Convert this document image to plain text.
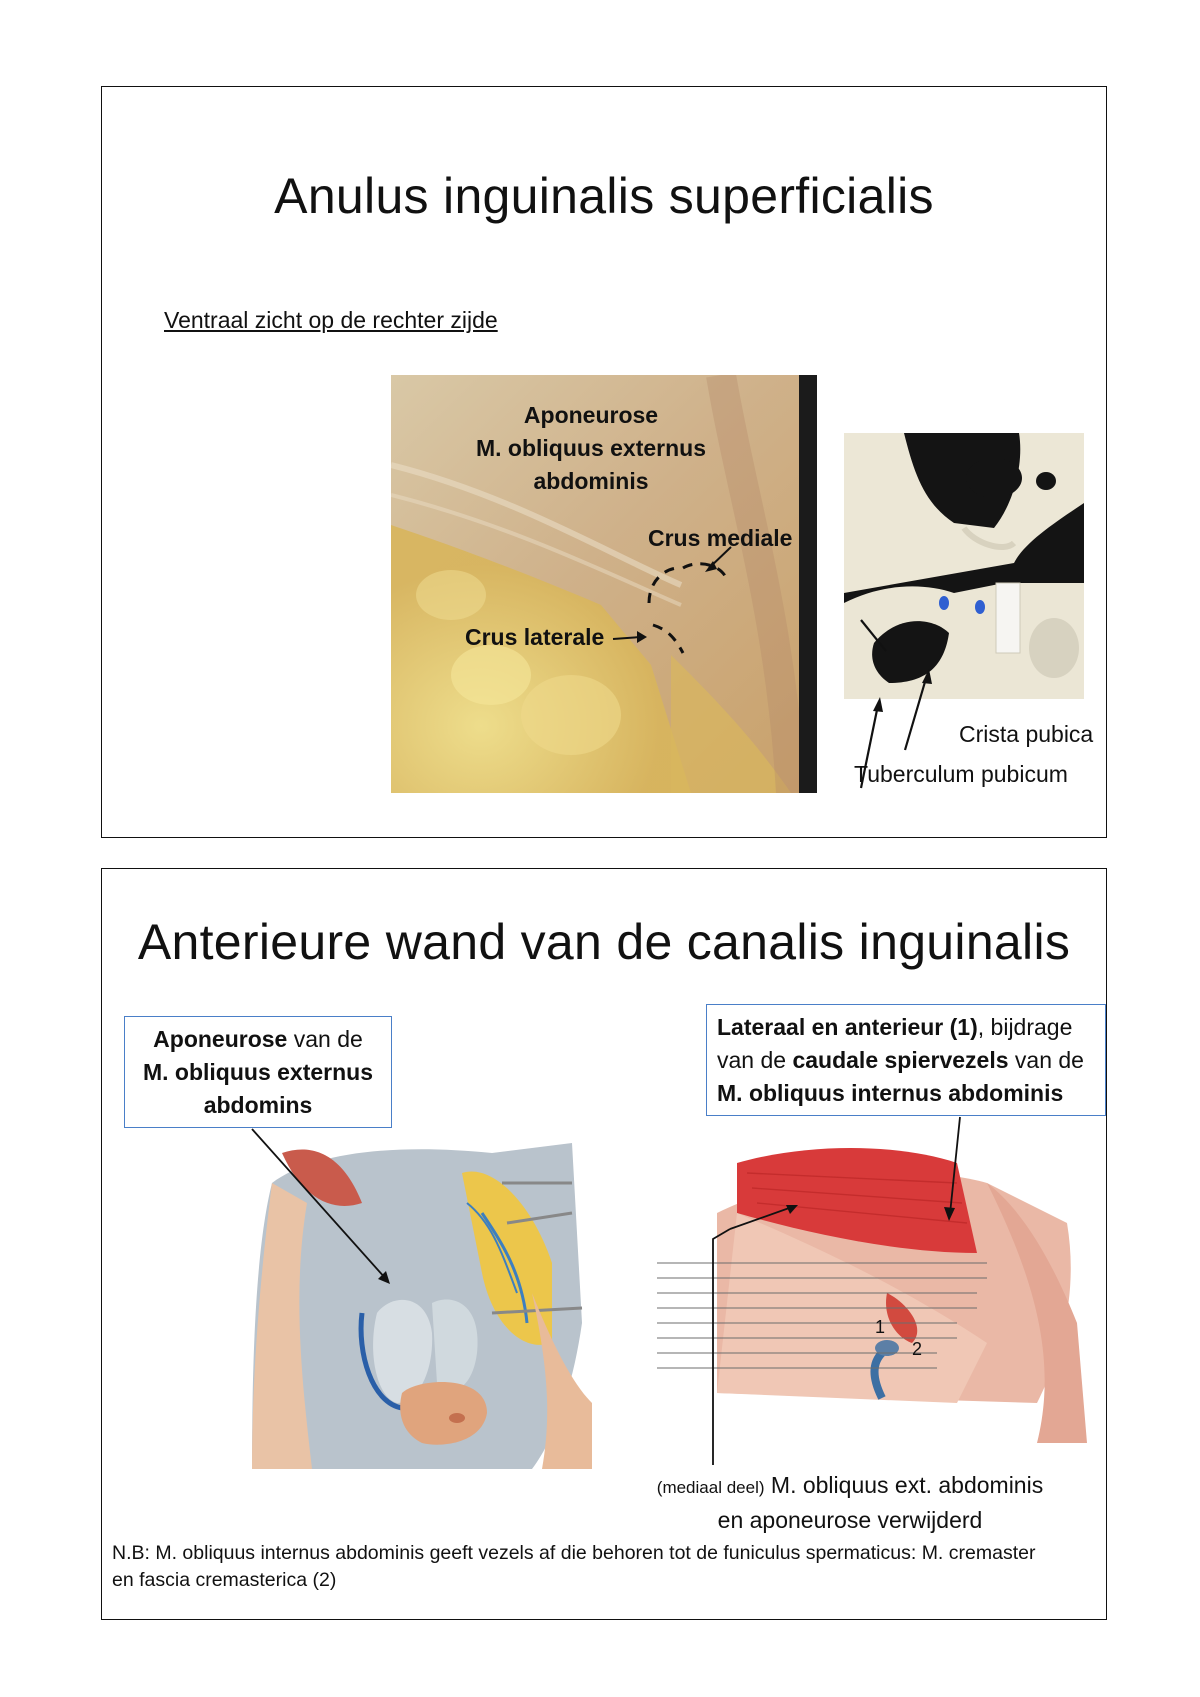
Anulus inguinalis superficialis
Ventraal zicht op de rechter zijde
Aponeurose
M. obliquus externus
abdominis
Crus mediale
Crus laterale
Crista pubica
Tuberculum pubicum
Anterieure wand van de canalis inguinalis
Aponeurose van de
M. obliquus externus
abdomins
Lateraal en anterieur (1), bijdrage
van de caudale spiervezels van de
M. obliquus internus abdominis
1
2
(mediaal deel) M. obliquus ext. abdominis
en aponeurose verwijderd
N.B: M. obliquus internus abdominis geeft vezels af die behoren tot de funiculus spermaticus: M. cremaster
en fascia cremasterica (2)
